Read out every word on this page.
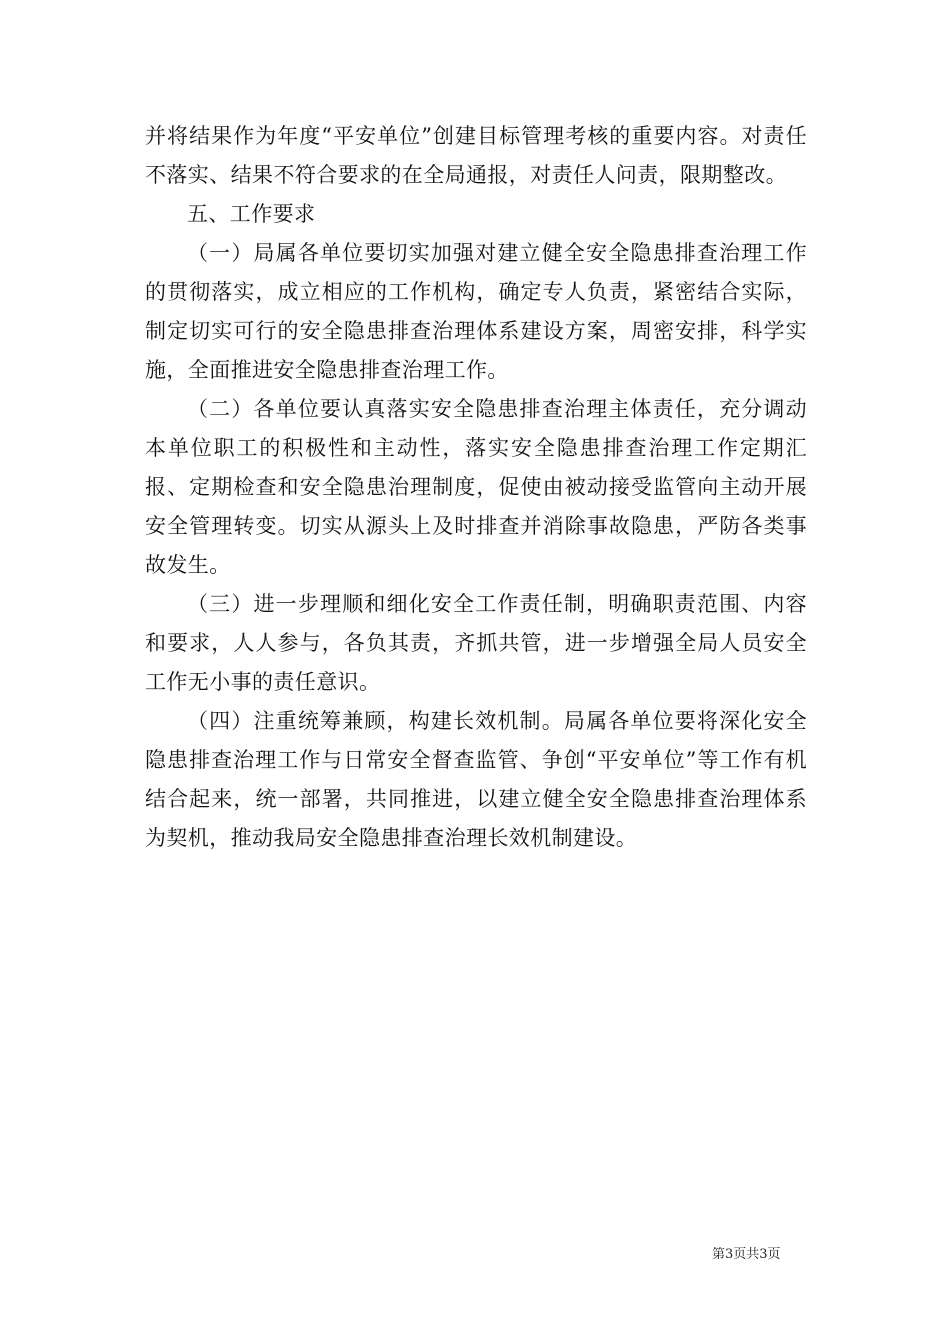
并将结果作为年度“平安单位”创建目标管理考核的重要内容。对责任不落实、结果不符合要求的在全局通报，对责任人问责，限期整改。

五、工作要求

（一）局属各单位要切实加强对建立健全安全隐患排查治理工作的贯彻落实，成立相应的工作机构，确定专人负责，紧密结合实际，制定切实可行的安全隐患排查治理体系建设方案，周密安排，科学实施，全面推进安全隐患排查治理工作。

（二）各单位要认真落实安全隐患排查治理主体责任，充分调动本单位职工的积极性和主动性，落实安全隐患排查治理工作定期汇报、定期检查和安全隐患治理制度，促使由被动接受监管向主动开展安全管理转变。切实从源头上及时排查并消除事故隐患，严防各类事故发生。

（三）进一步理顺和细化安全工作责任制，明确职责范围、内容和要求，人人参与，各负其责，齐抓共管，进一步增强全局人员安全工作无小事的责任意识。

（四）注重统筹兼顾，构建长效机制。局属各单位要将深化安全隐患排查治理工作与日常安全督查监管、争创“平安单位”等工作有机结合起来，统一部署，共同推进，以建立健全安全隐患排查治理体系为契机，推动我局安全隐患排查治理长效机制建设。

第3页共3页
